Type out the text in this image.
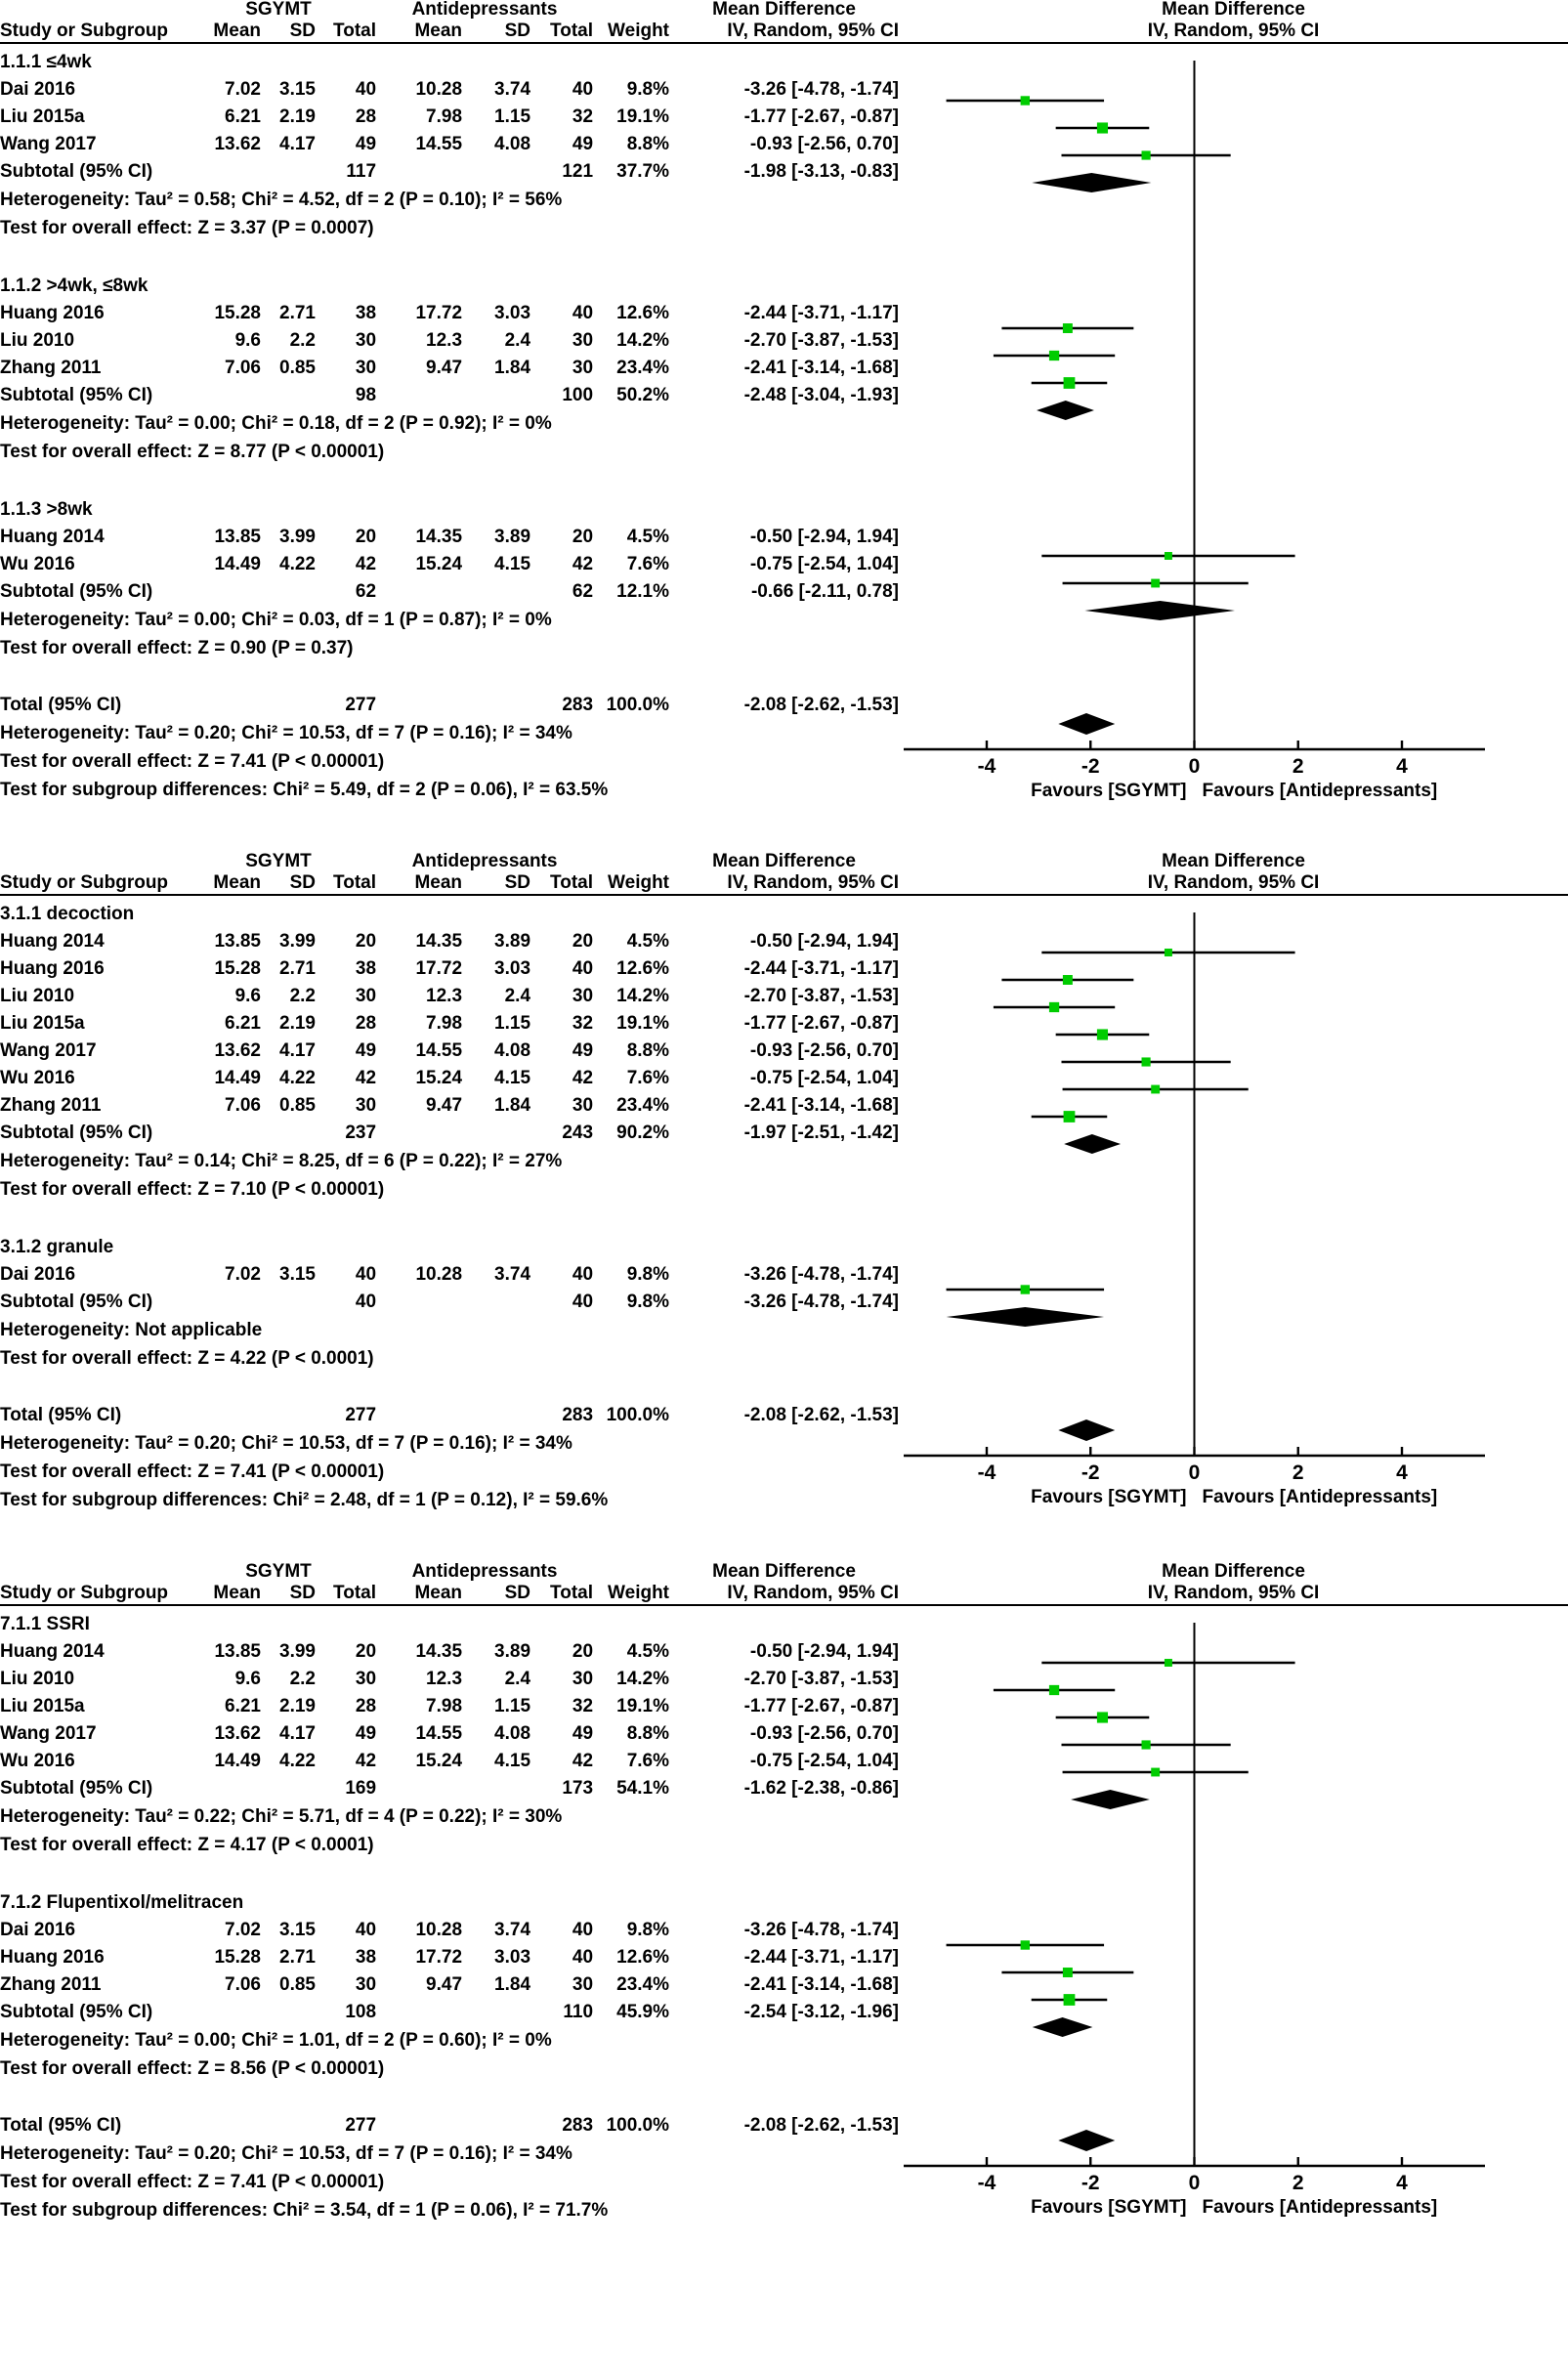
	SGYMT			Antidepressants				Mean Difference	Mean Difference
Study or Subgroup	Mean	SD	Total	Mean	SD	Total	Weight	IV, Random, 95% CI	IV, Random, 95% CI
1.1.1 ≤4wk									
Dai 2016	7.02	3.15	40	10.28	3.74	40	9.8%	-3.26 [-4.78, -1.74]	
Liu 2015a	6.21	2.19	28	7.98	1.15	32	19.1%	-1.77 [-2.67, -0.87]	
Wang 2017	13.62	4.17	49	14.55	4.08	49	8.8%	-0.93 [-2.56, 0.70]	
Subtotal (95% CI)			117			121	37.7%	-1.98 [-3.13, -0.83]	
Heterogeneity: Tau² = 0.58; Chi² = 4.52, df = 2 (P = 0.10); I² = 56%									
Test for overall effect: Z = 3.37 (P = 0.0007)									

1.1.2 >4wk, ≤8wk									
Huang 2016	15.28	2.71	38	17.72	3.03	40	12.6%	-2.44 [-3.71, -1.17]	
Liu 2010	9.6	2.2	30	12.3	2.4	30	14.2%	-2.70 [-3.87, -1.53]	
Zhang 2011	7.06	0.85	30	9.47	1.84	30	23.4%	-2.41 [-3.14, -1.68]	
Subtotal (95% CI)			98			100	50.2%	-2.48 [-3.04, -1.93]	
Heterogeneity: Tau² = 0.00; Chi² = 0.18, df = 2 (P = 0.92); I² = 0%									
Test for overall effect: Z = 8.77 (P < 0.00001)									

1.1.3 >8wk									
Huang 2014	13.85	3.99	20	14.35	3.89	20	4.5%	-0.50 [-2.94, 1.94]	
Wu 2016	14.49	4.22	42	15.24	4.15	42	7.6%	-0.75 [-2.54, 1.04]	
Subtotal (95% CI)			62			62	12.1%	-0.66 [-2.11, 0.78]	
Heterogeneity: Tau² = 0.00; Chi² = 0.03, df = 1 (P = 0.87); I² = 0%									
Test for overall effect: Z = 0.90 (P = 0.37)									

Total (95% CI)			277			283	100.0%	-2.08 [-2.62, -1.53]	
Heterogeneity: Tau² = 0.20; Chi² = 10.53, df = 7 (P = 0.16); I² = 34%									
Test for overall effect: Z = 7.41 (P < 0.00001)									
Test for subgroup differences: Chi² = 5.49, df = 2 (P = 0.06), I² = 63.5%									

-4	-2	0	2	4
Favours [SGYMT] Favours [Antidepressants]
	SGYMT			Antidepressants				Mean Difference	Mean Difference
Study or Subgroup	Mean	SD	Total	Mean	SD	Total	Weight	IV, Random, 95% CI	IV, Random, 95% CI
3.1.1 decoction									
Huang 2014	13.85	3.99	20	14.35	3.89	20	4.5%	-0.50 [-2.94, 1.94]	
Huang 2016	15.28	2.71	38	17.72	3.03	40	12.6%	-2.44 [-3.71, -1.17]	
Liu 2010	9.6	2.2	30	12.3	2.4	30	14.2%	-2.70 [-3.87, -1.53]	
Liu 2015a	6.21	2.19	28	7.98	1.15	32	19.1%	-1.77 [-2.67, -0.87]	
Wang 2017	13.62	4.17	49	14.55	4.08	49	8.8%	-0.93 [-2.56, 0.70]	
Wu 2016	14.49	4.22	42	15.24	4.15	42	7.6%	-0.75 [-2.54, 1.04]	
Zhang 2011	7.06	0.85	30	9.47	1.84	30	23.4%	-2.41 [-3.14, -1.68]	
Subtotal (95% CI)			237			243	90.2%	-1.97 [-2.51, -1.42]	
Heterogeneity: Tau² = 0.14; Chi² = 8.25, df = 6 (P = 0.22); I² = 27%									
Test for overall effect: Z = 7.10 (P < 0.00001)									

3.1.2 granule									
Dai 2016	7.02	3.15	40	10.28	3.74	40	9.8%	-3.26 [-4.78, -1.74]	
Subtotal (95% CI)			40			40	9.8%	-3.26 [-4.78, -1.74]	
Heterogeneity: Not applicable									
Test for overall effect: Z = 4.22 (P < 0.0001)									

Total (95% CI)			277			283	100.0%	-2.08 [-2.62, -1.53]	
Heterogeneity: Tau² = 0.20; Chi² = 10.53, df = 7 (P = 0.16); I² = 34%									
Test for overall effect: Z = 7.41 (P < 0.00001)									
Test for subgroup differences: Chi² = 2.48, df = 1 (P = 0.12), I² = 59.6%									

-4	-2	0	2	4
Favours [SGYMT] Favours [Antidepressants]
	SGYMT			Antidepressants				Mean Difference	Mean Difference
Study or Subgroup	Mean	SD	Total	Mean	SD	Total	Weight	IV, Random, 95% CI	IV, Random, 95% CI
7.1.1 SSRI									
Huang 2014	13.85	3.99	20	14.35	3.89	20	4.5%	-0.50 [-2.94, 1.94]	
Liu 2010	9.6	2.2	30	12.3	2.4	30	14.2%	-2.70 [-3.87, -1.53]	
Liu 2015a	6.21	2.19	28	7.98	1.15	32	19.1%	-1.77 [-2.67, -0.87]	
Wang 2017	13.62	4.17	49	14.55	4.08	49	8.8%	-0.93 [-2.56, 0.70]	
Wu 2016	14.49	4.22	42	15.24	4.15	42	7.6%	-0.75 [-2.54, 1.04]	
Subtotal (95% CI)			169			173	54.1%	-1.62 [-2.38, -0.86]	
Heterogeneity: Tau² = 0.22; Chi² = 5.71, df = 4 (P = 0.22); I² = 30%									
Test for overall effect: Z = 4.17 (P < 0.0001)									

7.1.2 Flupentixol/melitracen									
Dai 2016	7.02	3.15	40	10.28	3.74	40	9.8%	-3.26 [-4.78, -1.74]	
Huang 2016	15.28	2.71	38	17.72	3.03	40	12.6%	-2.44 [-3.71, -1.17]	
Zhang 2011	7.06	0.85	30	9.47	1.84	30	23.4%	-2.41 [-3.14, -1.68]	
Subtotal (95% CI)			108			110	45.9%	-2.54 [-3.12, -1.96]	
Heterogeneity: Tau² = 0.00; Chi² = 1.01, df = 2 (P = 0.60); I² = 0%									
Test for overall effect: Z = 8.56 (P < 0.00001)									

Total (95% CI)			277			283	100.0%	-2.08 [-2.62, -1.53]	
Heterogeneity: Tau² = 0.20; Chi² = 10.53, df = 7 (P = 0.16); I² = 34%									
Test for overall effect: Z = 7.41 (P < 0.00001)									
Test for subgroup differences: Chi² = 3.54, df = 1 (P = 0.06), I² = 71.7%									

-4	-2	0	2	4
Favours [SGYMT] Favours [Antidepressants]
